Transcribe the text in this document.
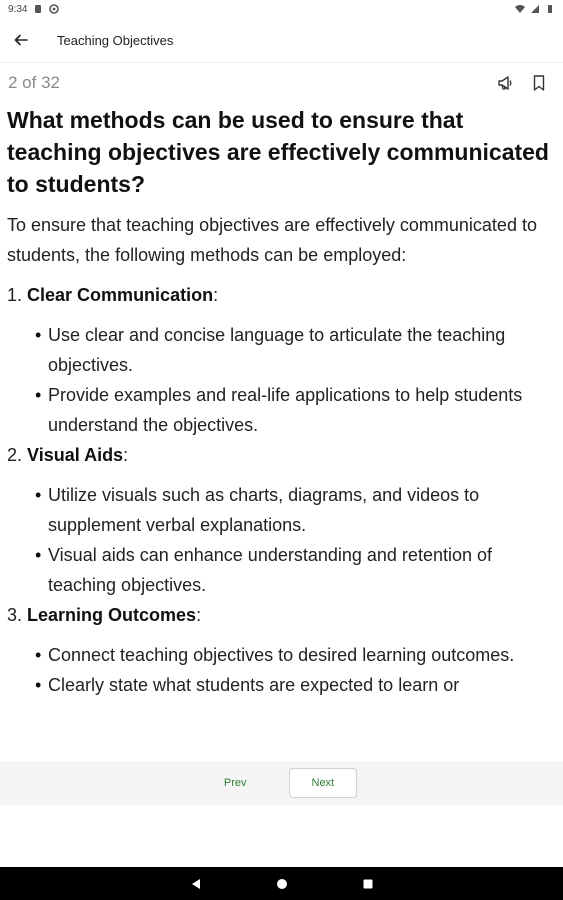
9:34
Teaching Objectives
2 of 32
What methods can be used to ensure that teaching objectives are effectively communicated to students?

To ensure that teaching objectives are effectively communicated to students, the following methods can be employed:

1. Clear Communication:

• Use clear and concise language to articulate the teaching objectives.
• Provide examples and real-life applications to help students understand the objectives.

2. Visual Aids:

• Utilize visuals such as charts, diagrams, and videos to supplement verbal explanations.
• Visual aids can enhance understanding and retention of teaching objectives.

3. Learning Outcomes:

• Connect teaching objectives to desired learning outcomes.
• Clearly state what students are expected to learn or
Prev	Next
